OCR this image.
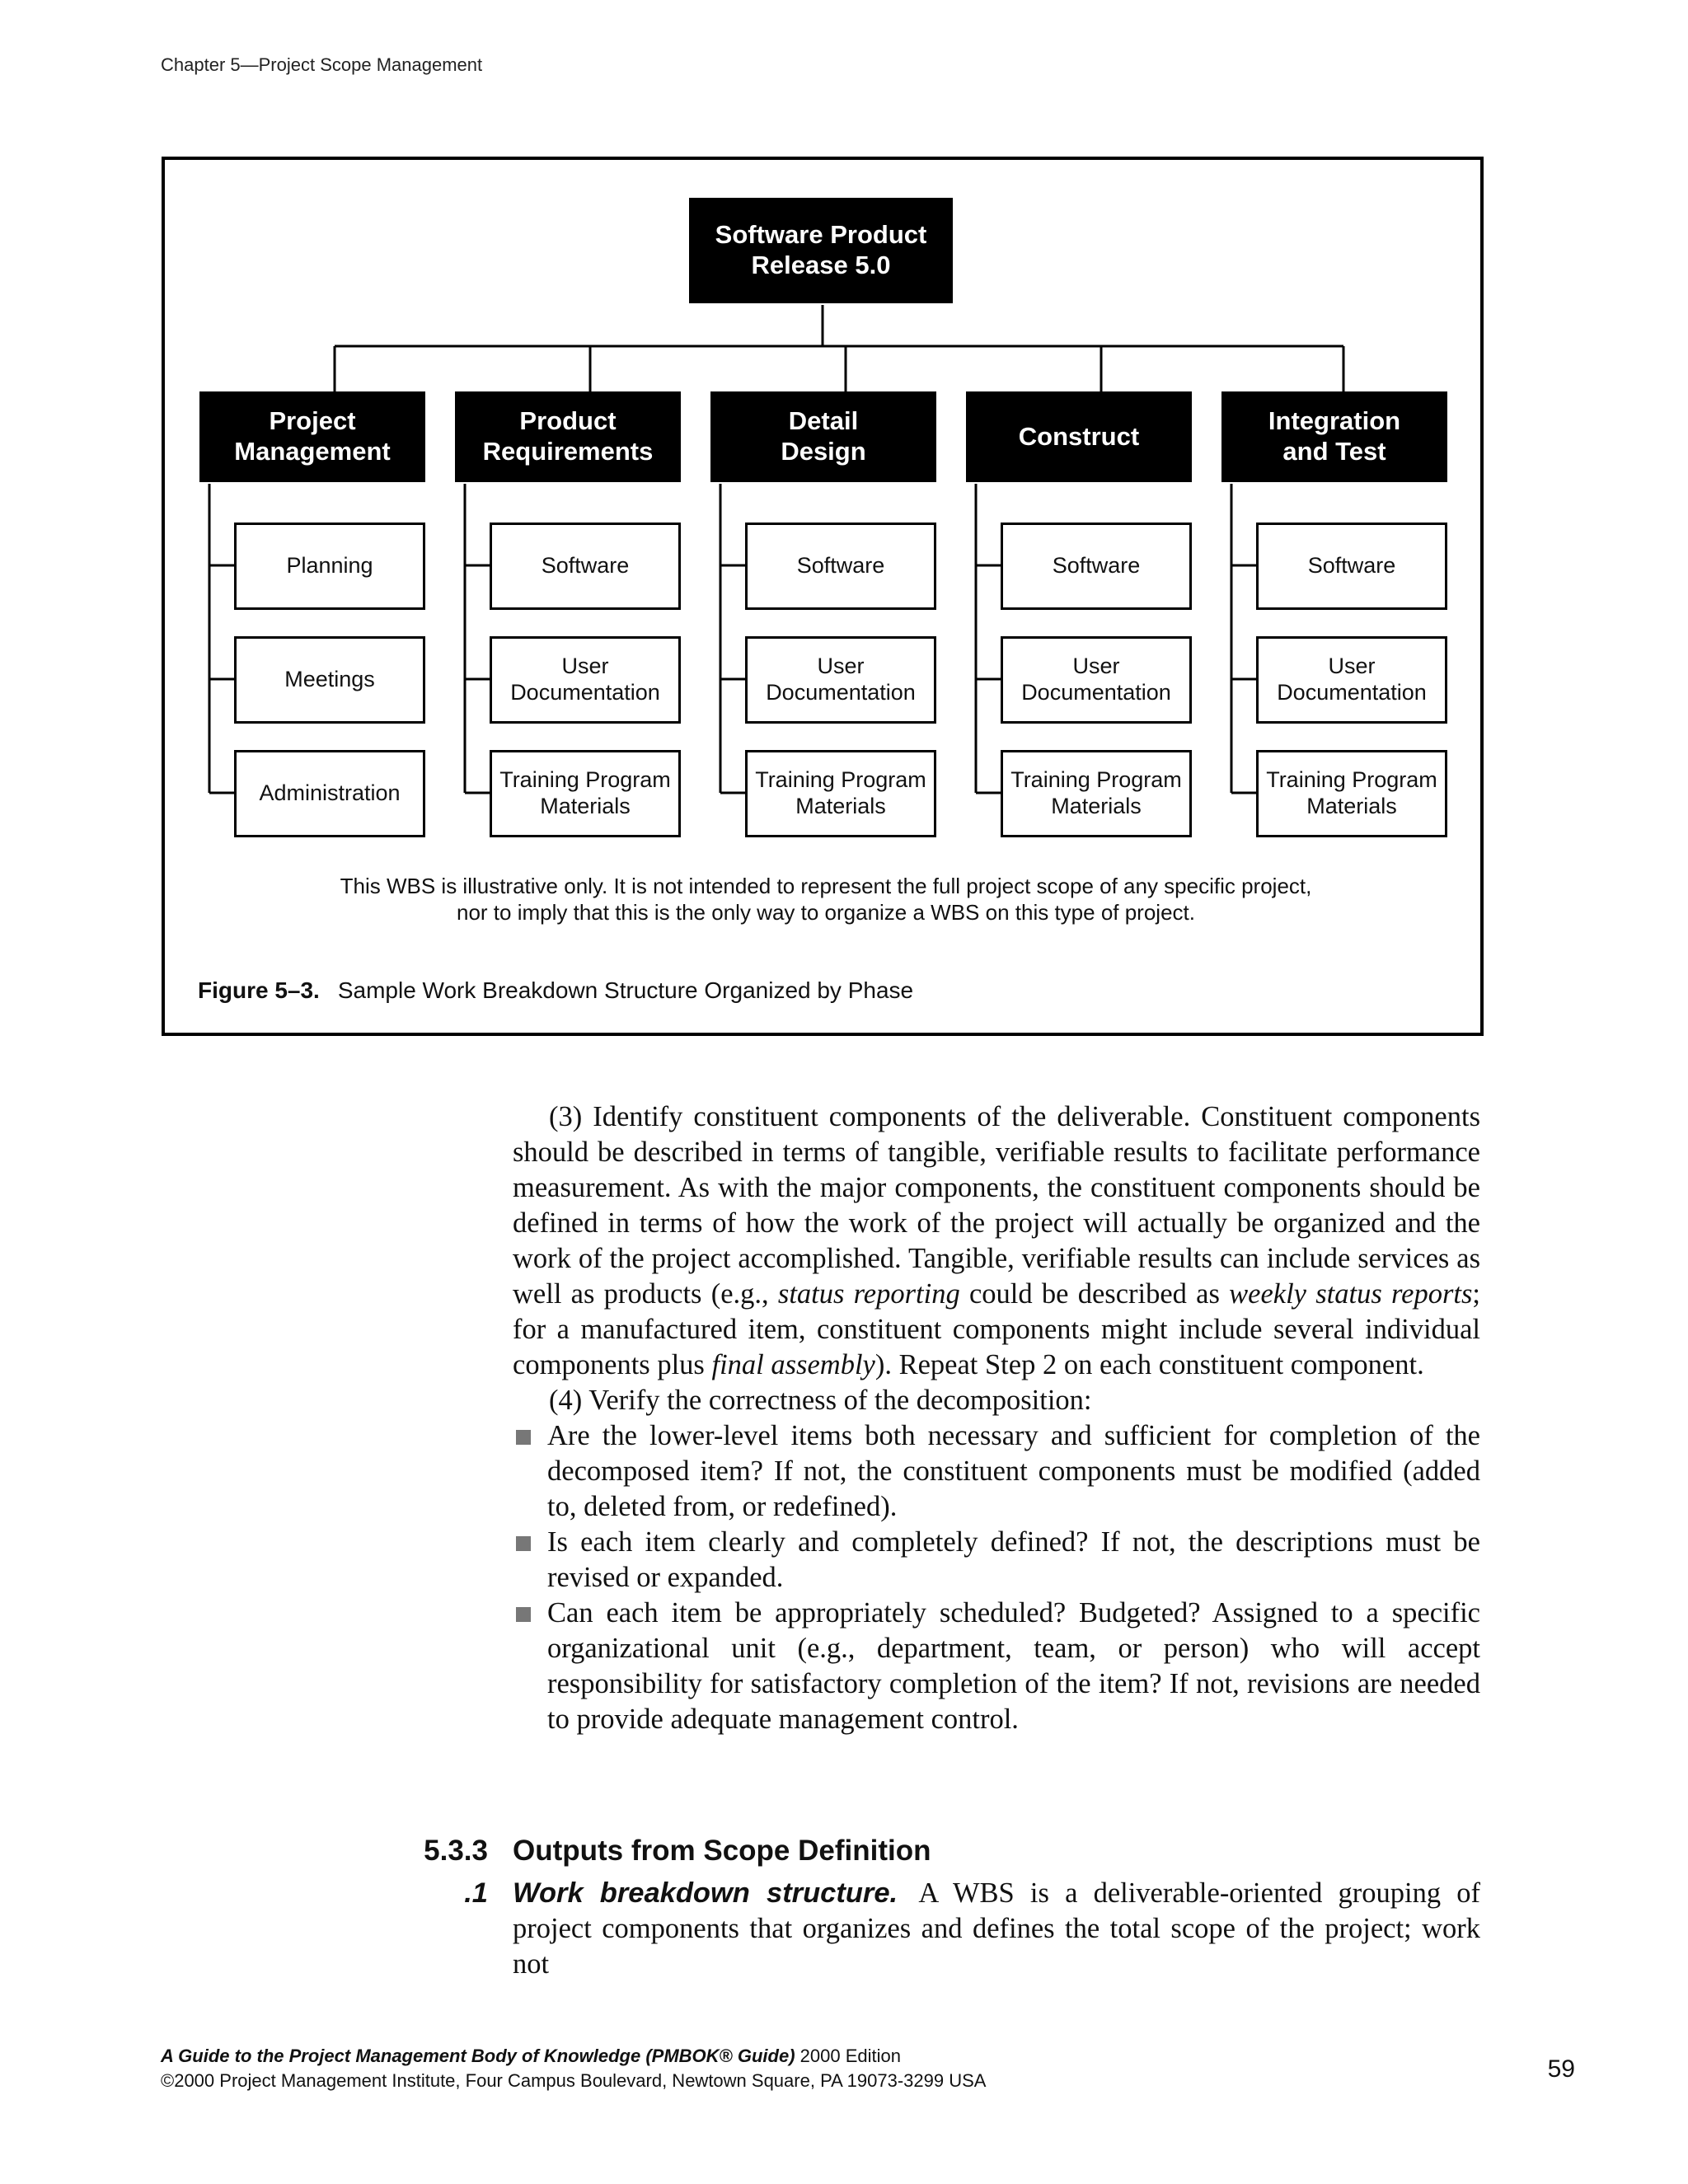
Chapter 5—Project Scope Management
Software Product
Release 5.0
Project
Management
Product
Requirements
Detail
Design
Construct
Integration
and Test
Planning
Meetings
Administration
Software
User
Documentation
Training Program
Materials
Software
User
Documentation
Training Program
Materials
Software
User
Documentation
Training Program
Materials
Software
User
Documentation
Training Program
Materials
This WBS is illustrative only. It is not intended to represent the full project scope of any specific project,
nor to imply that this is the only way to organize a WBS on this type of project.
Figure 5–3. Sample Work Breakdown Structure Organized by Phase

(3) Identify constituent components of the deliverable. Constituent components should be described in terms of tangible, verifiable results to facilitate performance measurement. As with the major components, the constituent components should be defined in terms of how the work of the project will actually be organized and the work of the project accomplished. Tangible, verifiable results can include services as well as products (e.g., status reporting could be described as weekly status reports; for a manufactured item, constituent components might include several individual components plus final assembly). Repeat Step 2 on each constituent component.

(4) Verify the correctness of the decomposition:

Are the lower-level items both necessary and sufficient for completion of the decomposed item? If not, the constituent components must be modified (added to, deleted from, or redefined).
Is each item clearly and completely defined? If not, the descriptions must be revised or expanded.
Can each item be appropriately scheduled? Budgeted? Assigned to a specific organizational unit (e.g., department, team, or person) who will accept responsibility for satisfactory completion of the item? If not, revisions are needed to provide adequate management control.
5.3.3 Outputs from Scope Definition
.1 Work breakdown structure. A WBS is a deliverable-oriented grouping of project components that organizes and defines the total scope of the project; work not
A Guide to the Project Management Body of Knowledge (PMBOK® Guide) 2000 Edition
©2000 Project Management Institute, Four Campus Boulevard, Newtown Square, PA 19073-3299 USA	59
